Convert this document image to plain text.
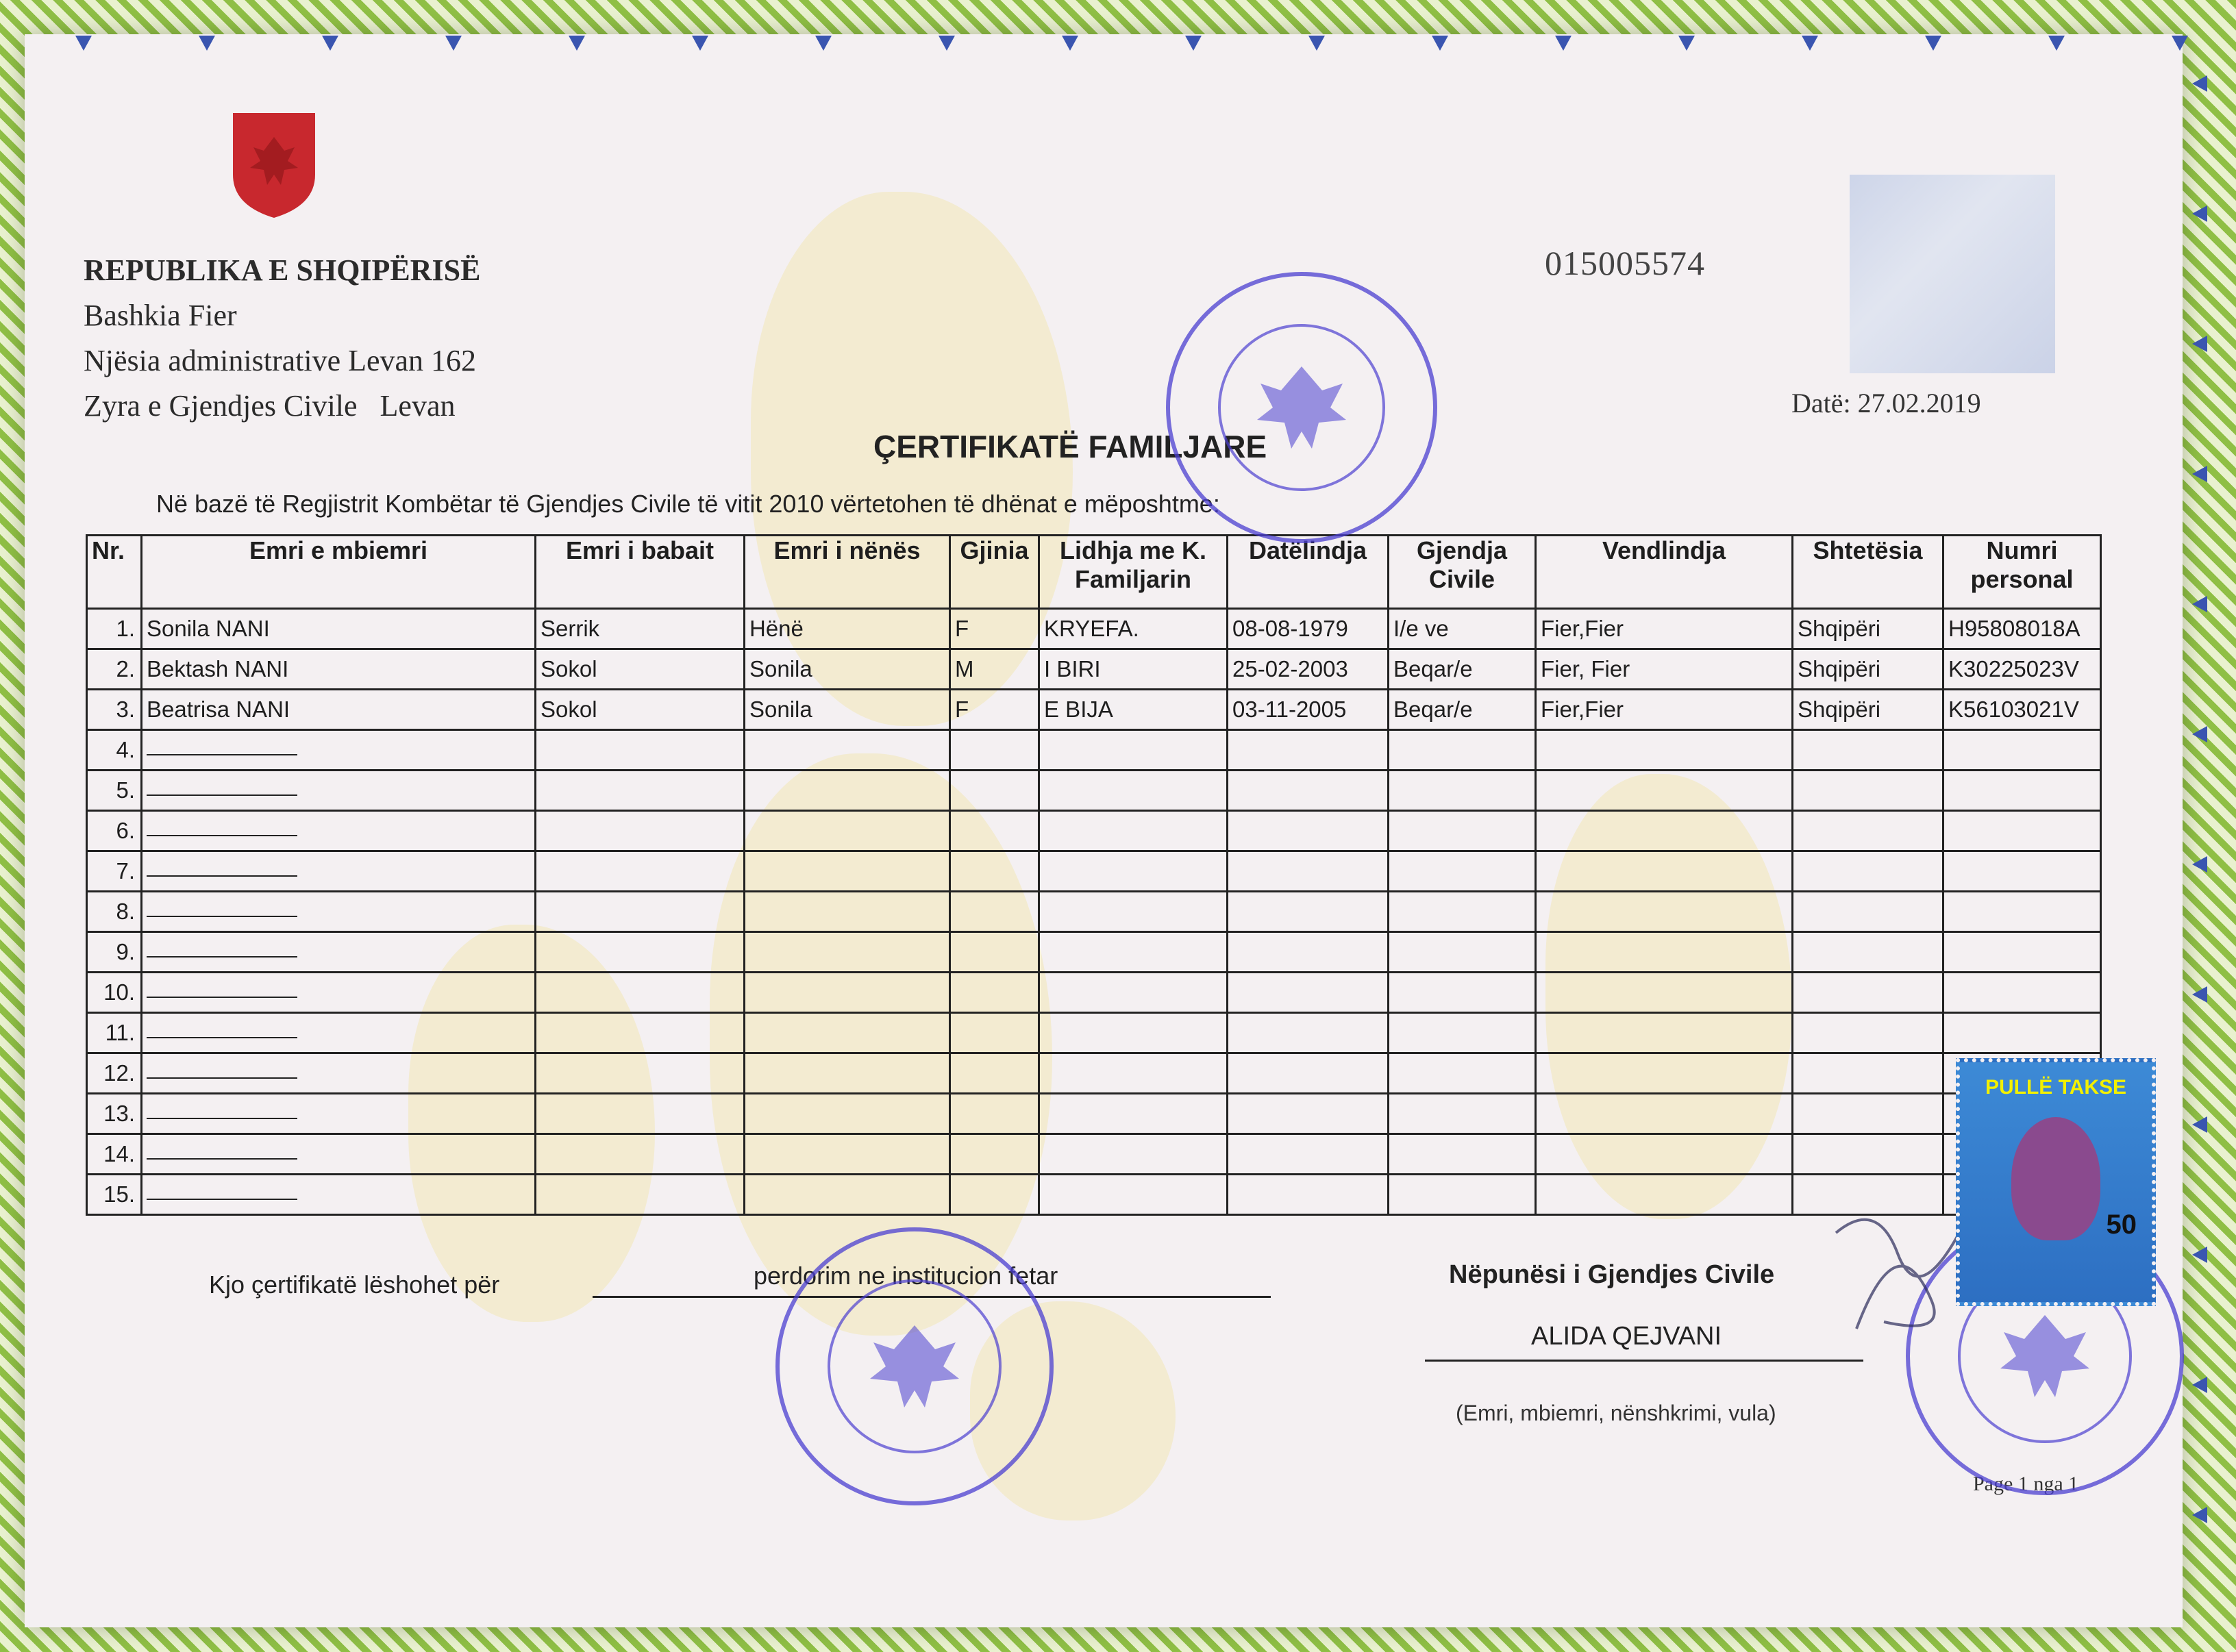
REPUBLIKA E SHQIPËRISË
Bashkia Fier
Njësia administrative Levan 162
Zyra e Gjendjes Civile Levan
015005574
Datë: 27.02.2019
ÇERTIFIKATË FAMILJARE
Në bazë të Regjistrit Kombëtar të Gjendjes Civile të vitit 2010 vërtetohen të dhënat e mëposhtme:
Nr.	Emri e mbiemri	Emri i babait	Emri i nënës	Gjinia	Lidhja me K. Familjarin	Datëlindja	Gjendja Civile	Vendlindja	Shtetësia	Numri personal
1.	Sonila NANI	Serrik	Hënë	F	KRYEFA.	08-08-1979	I/e ve	Fier,Fier	Shqipëri	H95808018A
2.	Bektash NANI	Sokol	Sonila	M	I BIRI	25-02-2003	Beqar/e	Fier, Fier	Shqipëri	K30225023V
3.	Beatrisa NANI	Sokol	Sonila	F	E BIJA	03-11-2005	Beqar/e	Fier,Fier	Shqipëri	K56103021V
4.										
5.										
6.										
7.										
8.										
9.										
10.										
11.										
12.										
13.										
14.										
15.										
Kjo çertifikatë lëshohet për	perdorim ne institucion fetar	Nëpunësi i Gjendjes Civile
ALIDA QEJVANI
(Emri, mbiemri, nënshkrimi, vula)
Page 1 nga 1
PULLË TAKSE
50
